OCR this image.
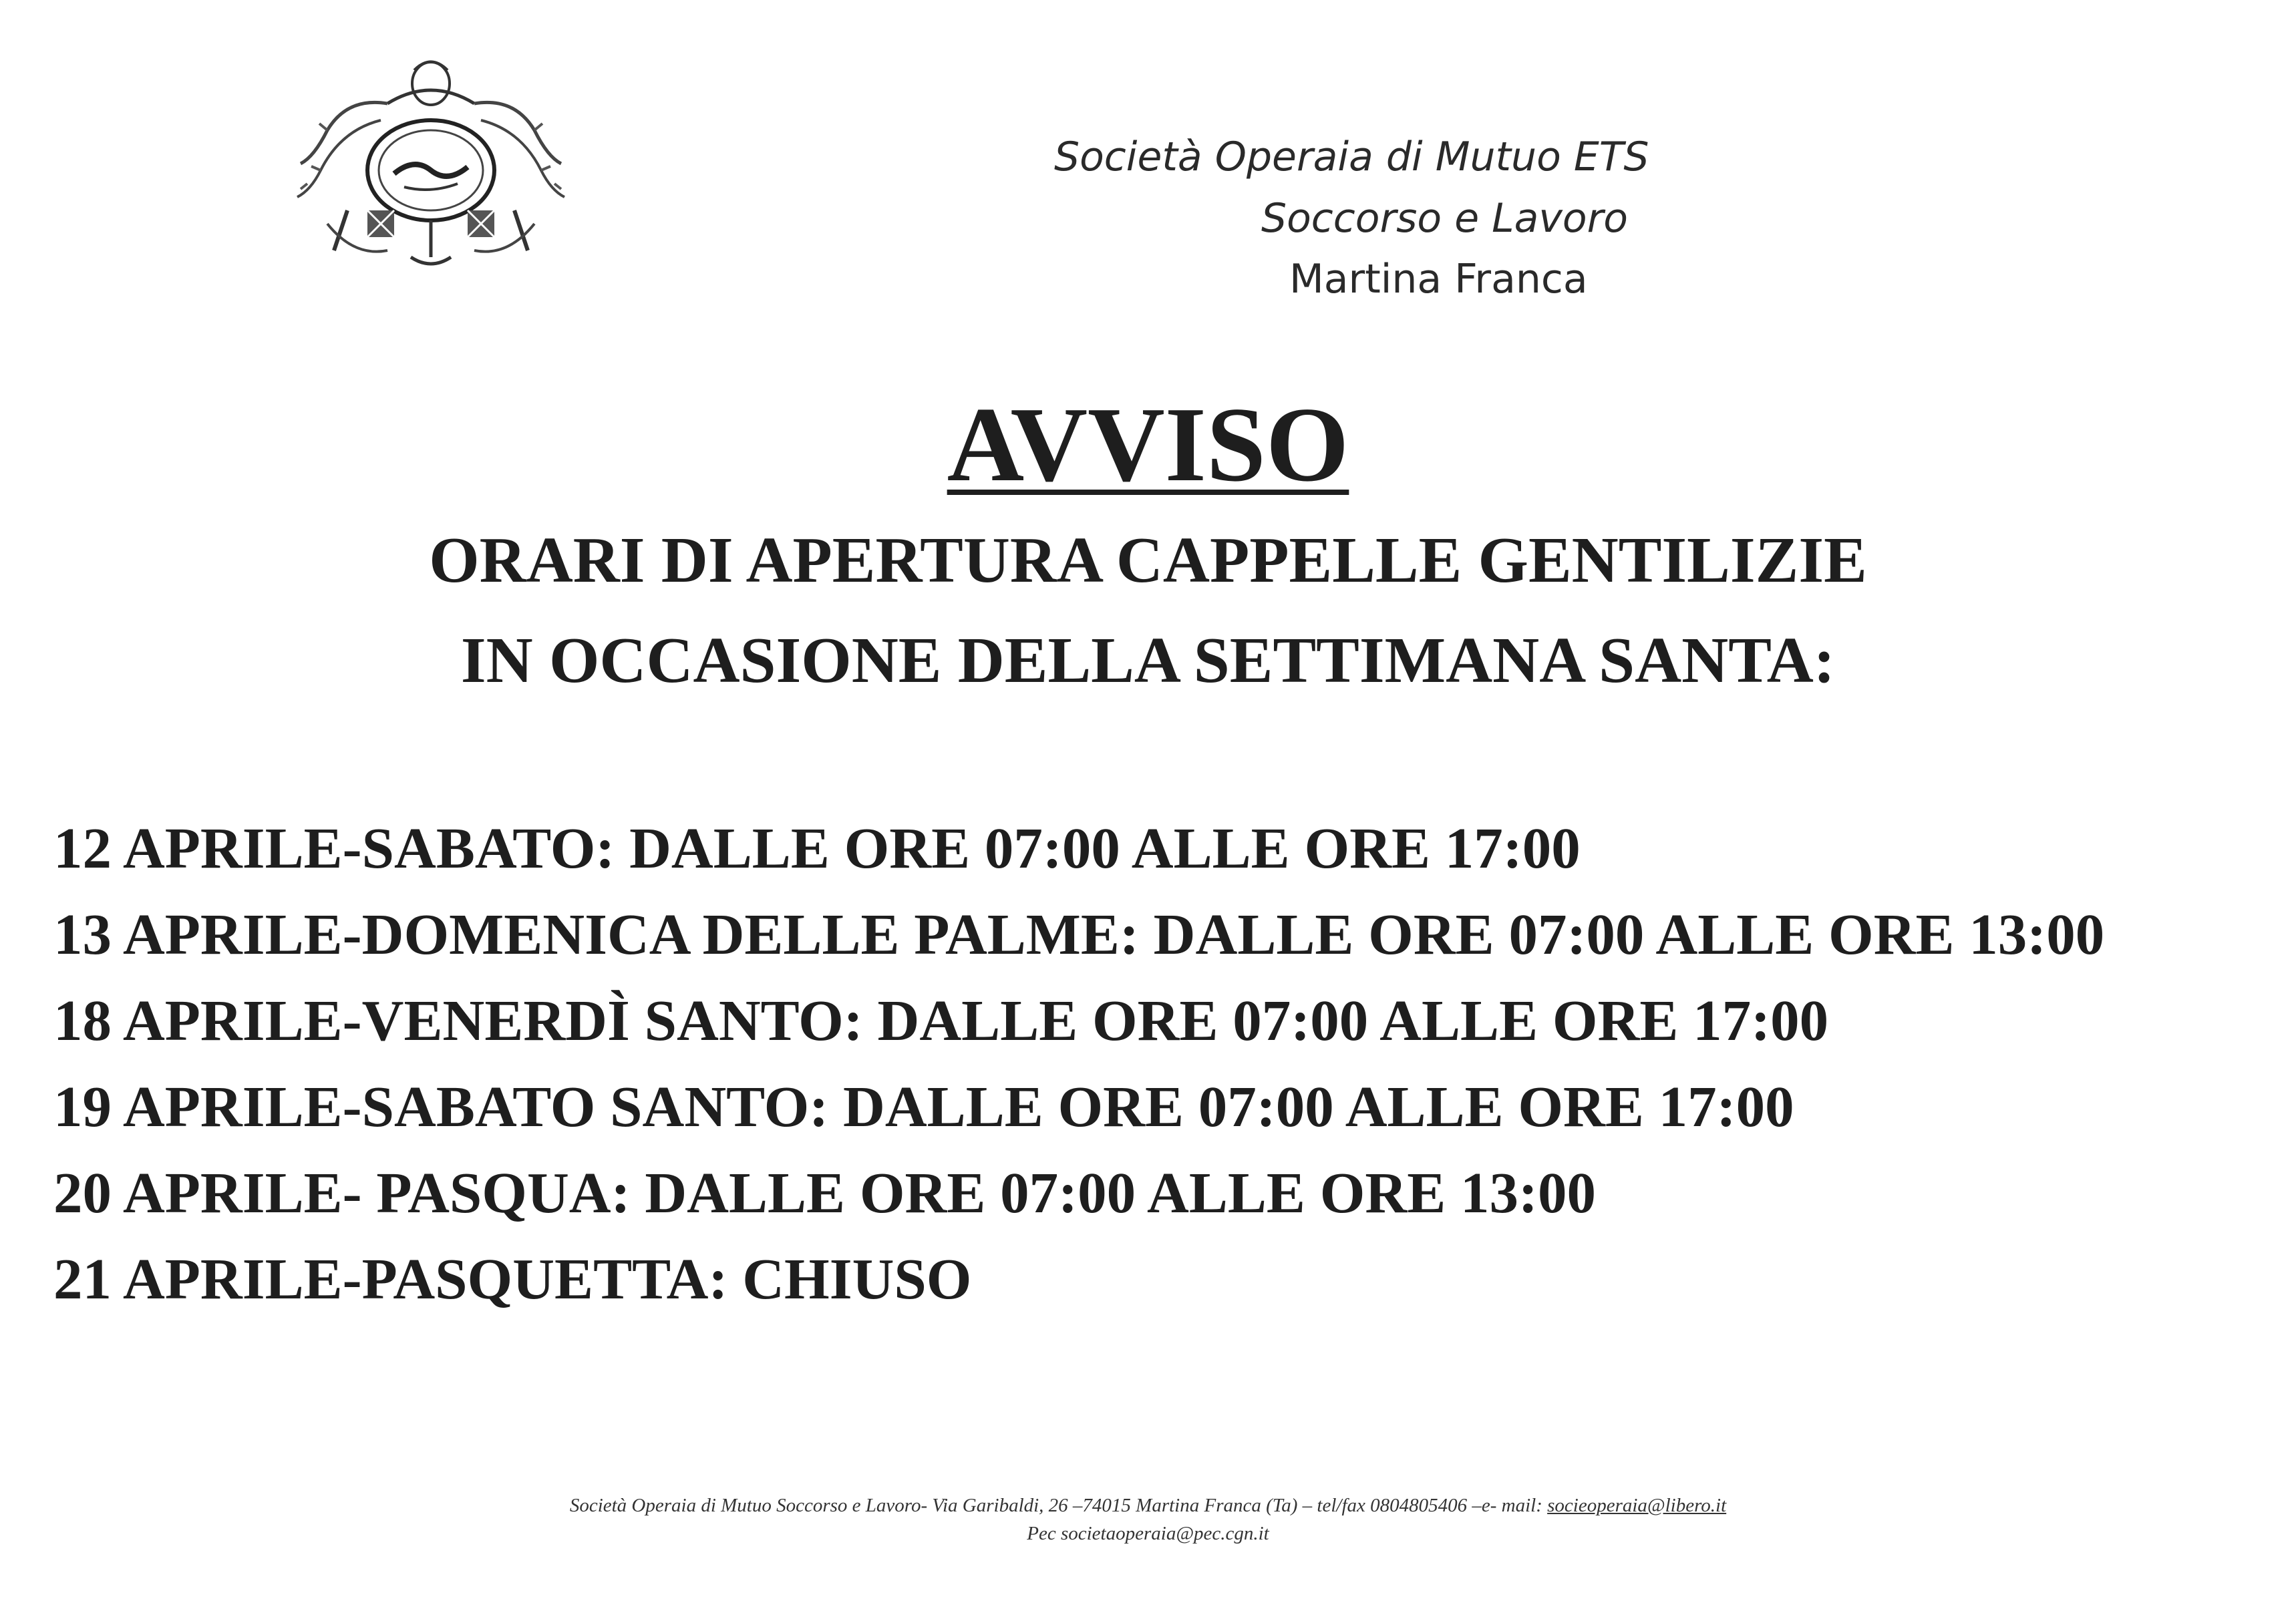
Società Operaia di Mutuo ETS
Soccorso e Lavoro
Martina Franca
AVVISO
ORARI DI APERTURA CAPPELLE GENTILIZIE
IN OCCASIONE DELLA SETTIMANA SANTA:
12 APRILE-SABATO: DALLE ORE 07:00 ALLE ORE 17:00
13 APRILE-DOMENICA DELLE PALME: DALLE ORE 07:00 ALLE ORE 13:00
18 APRILE-VENERDÌ SANTO: DALLE ORE 07:00 ALLE ORE 17:00
19 APRILE-SABATO SANTO: DALLE ORE 07:00 ALLE ORE 17:00
20 APRILE- PASQUA: DALLE ORE 07:00 ALLE ORE 13:00
21 APRILE-PASQUETTA: CHIUSO
Società Operaia di Mutuo Soccorso e Lavoro- Via Garibaldi, 26 –74015 Martina Franca (Ta) – tel/fax 0804805406 –e- mail: socieoperaia@libero.it
Pec societaoperaia@pec.cgn.it
